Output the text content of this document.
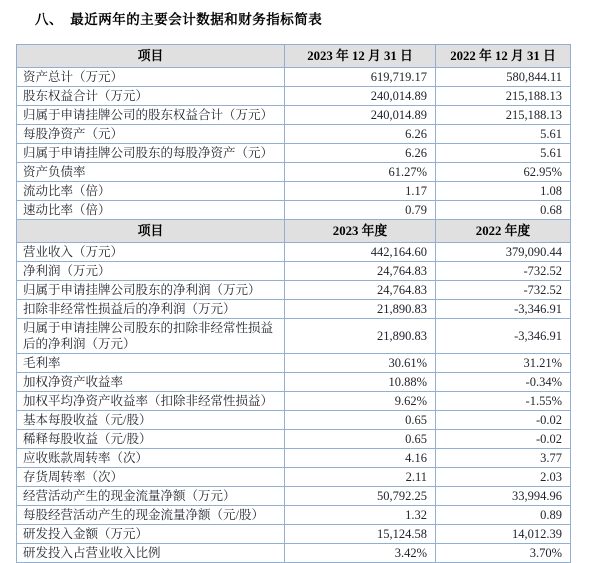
八、　最近两年的主要会计数据和财务指标简表
项目	2023 年 12 月 31 日	2022 年 12 月 31 日
资产总计（万元）	619,719.17	580,844.11
股东权益合计（万元）	240,014.89	215,188.13
归属于申请挂牌公司的股东权益合计（万元）	240,014.89	215,188.13
每股净资产（元）	6.26	5.61
归属于申请挂牌公司股东的每股净资产（元）	6.26	5.61
资产负债率	61.27%	62.95%
流动比率（倍）	1.17	1.08
速动比率（倍）	0.79	0.68
项目	2023 年度	2022 年度
营业收入（万元）	442,164.60	379,090.44
净利润（万元）	24,764.83	-732.52
归属于申请挂牌公司股东的净利润（万元）	24,764.83	-732.52
扣除非经常性损益后的净利润（万元）	21,890.83	-3,346.91
归属于申请挂牌公司股东的扣除非经常性损益后的净利润（万元）	21,890.83	-3,346.91
毛利率	30.61%	31.21%
加权净资产收益率	10.88%	-0.34%
加权平均净资产收益率（扣除非经常性损益）	9.62%	-1.55%
基本每股收益（元/股）	0.65	-0.02
稀释每股收益（元/股）	0.65	-0.02
应收账款周转率（次）	4.16	3.77
存货周转率（次）	2.11	2.03
经营活动产生的现金流量净额（万元）	50,792.25	33,994.96
每股经营活动产生的现金流量净额（元/股）	1.32	0.89
研发投入金额（万元）	15,124.58	14,012.39
研发投入占营业收入比例	3.42%	3.70%
